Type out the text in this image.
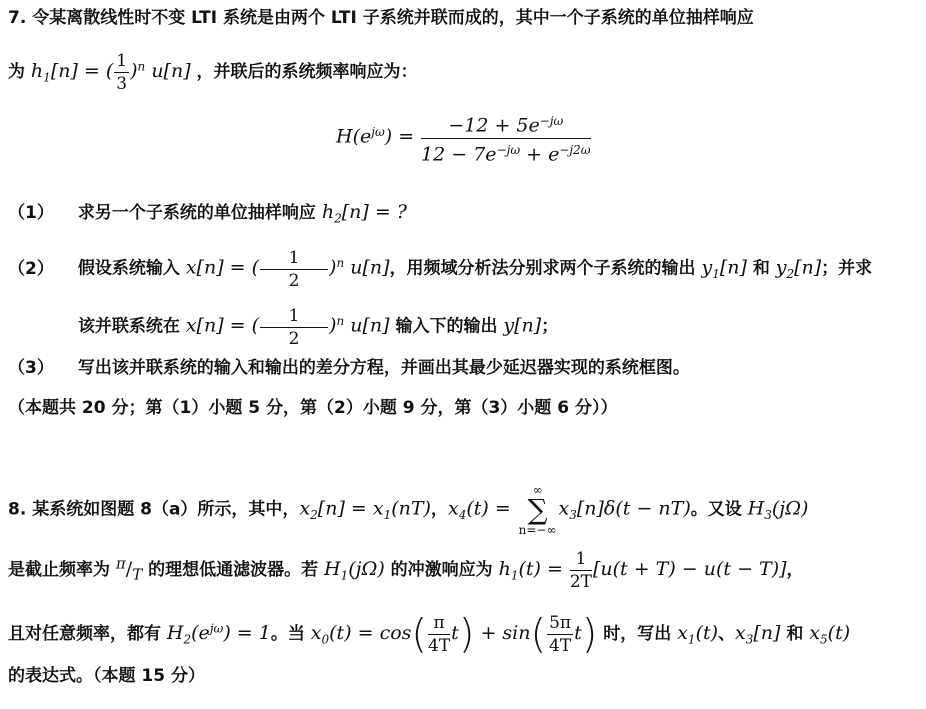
7. 令某离散线性时不变 LTI 系统是由两个 LTI 子系统并联而成的，其中一个子系统的单位抽样响应
为 $h_1[n]$ = ( $\frac{1}{3} )^n$ u[n] ，并联后的系统频率响应为：
$H(e^{j\omega}) = \frac{-12 + 5e^{-j\omega}}{12 - 7e^{-j\omega} + e^{-j2\omega}}$
（1） 求另一个子系统的单位抽样响应 $h_2[n]$ = ?
（2） 假设系统输入 $x[n] = (\frac{1}{2} )^n$ u[n]，用频域分析法分别求两个子系统的输出 $y_1[n]$ 和 $y_2[n]$；并求
该并联系统在 $x[n] = (\frac{1}{2} )^n$ u[n] 输入下的输出 y[n]；
（3） 写出该并联系统的输入和输出的差分方程，并画出其最少延迟器实现的系统框图。
（本题共 20 分；第（1）小题 5 分，第（2）小题 9 分，第（3）小题 6 分））
8. 某系统如图题 8（a）所示，其中，$x_2[n] = x_1(nT)$，$x_4(t)$ =
∞
∑
n=−∞
$x_3[n]\delta(t - nT)$。又设 $H_3(j\Omega)$
是截止频率为 $^\pi/_T$ 的理想低通滤波器。若 $H_1(j\Omega)$ 的冲激响应为 $h_1(t) = \frac{1}{2T} [u(t + T) - u(t - T)]$，
且对任意频率，都有 $H_2(e^{j\omega}) = 1$。当 $x_0(t) = \cos( \frac{\pi}{4T} t) + \sin( \frac{5\pi}{4T} t)$ 时，写出 $x_1(t)$、$x_3[n]$ 和 $x_5(t)$
的表达式。（本题 15 分）
